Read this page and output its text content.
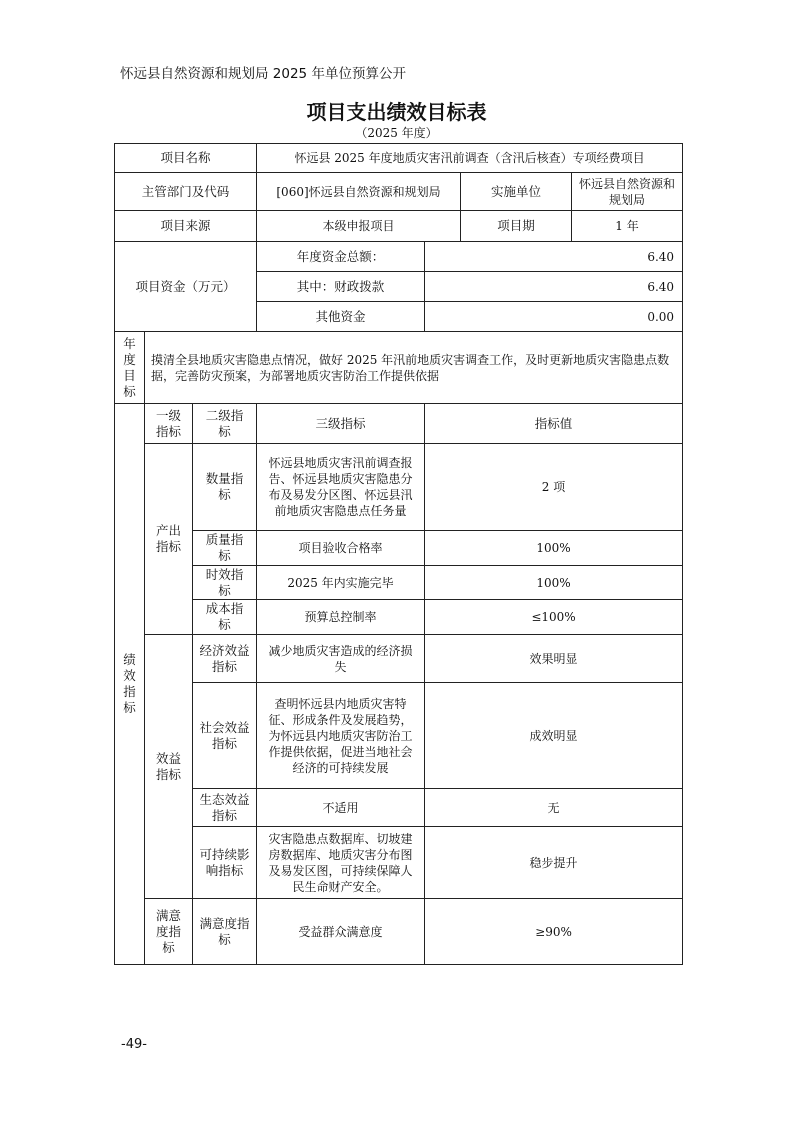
怀远县自然资源和规划局 2025 年单位预算公开
项目支出绩效目标表
（2025 年度）
项目名称			怀远县 2025 年度地质灾害汛前调查（含汛后核查）专项经费项目	
主管部门及代码			[060]怀远县自然资源和规划局 实施单位 怀远县自然资源和规划局	

项目来源			本级申报项目 项目期 1 年	

项目资金（万元）			年度资金总额：	6.40
			其中：财政拨款	6.40
			其他资金	0.00
年度目标	摸清全县地质灾害隐患点情况，做好 2025 年汛前地质灾害调查工作，及时更新地质灾害隐患点数据，完善防灾预案，为部署地质灾害防治工作提供依据			
绩效指标	一级指标	二级指标	三级指标	指标值
	产出指标	数量指标	怀远县地质灾害汛前调查报告、怀远县地质灾害隐患分布及易发分区图、怀远县汛前地质灾害隐患点任务量	2 项
		质量指标	项目验收合格率	100%
		时效指标	2025 年内实施完毕	100%
		成本指标	预算总控制率	≤100%
	效益指标	经济效益指标	减少地质灾害造成的经济损失	效果明显
		社会效益指标	查明怀远县内地质灾害特征、形成条件及发展趋势，为怀远县内地质灾害防治工作提供依据，促进当地社会经济的可持续发展	成效明显
		生态效益指标	不适用	无
		可持续影响指标	灾害隐患点数据库、切坡建房数据库、地质灾害分布图及易发区图，可持续保障人民生命财产安全。	稳步提升
	满意度指标	满意度指标	受益群众满意度	≥90%
-49-
